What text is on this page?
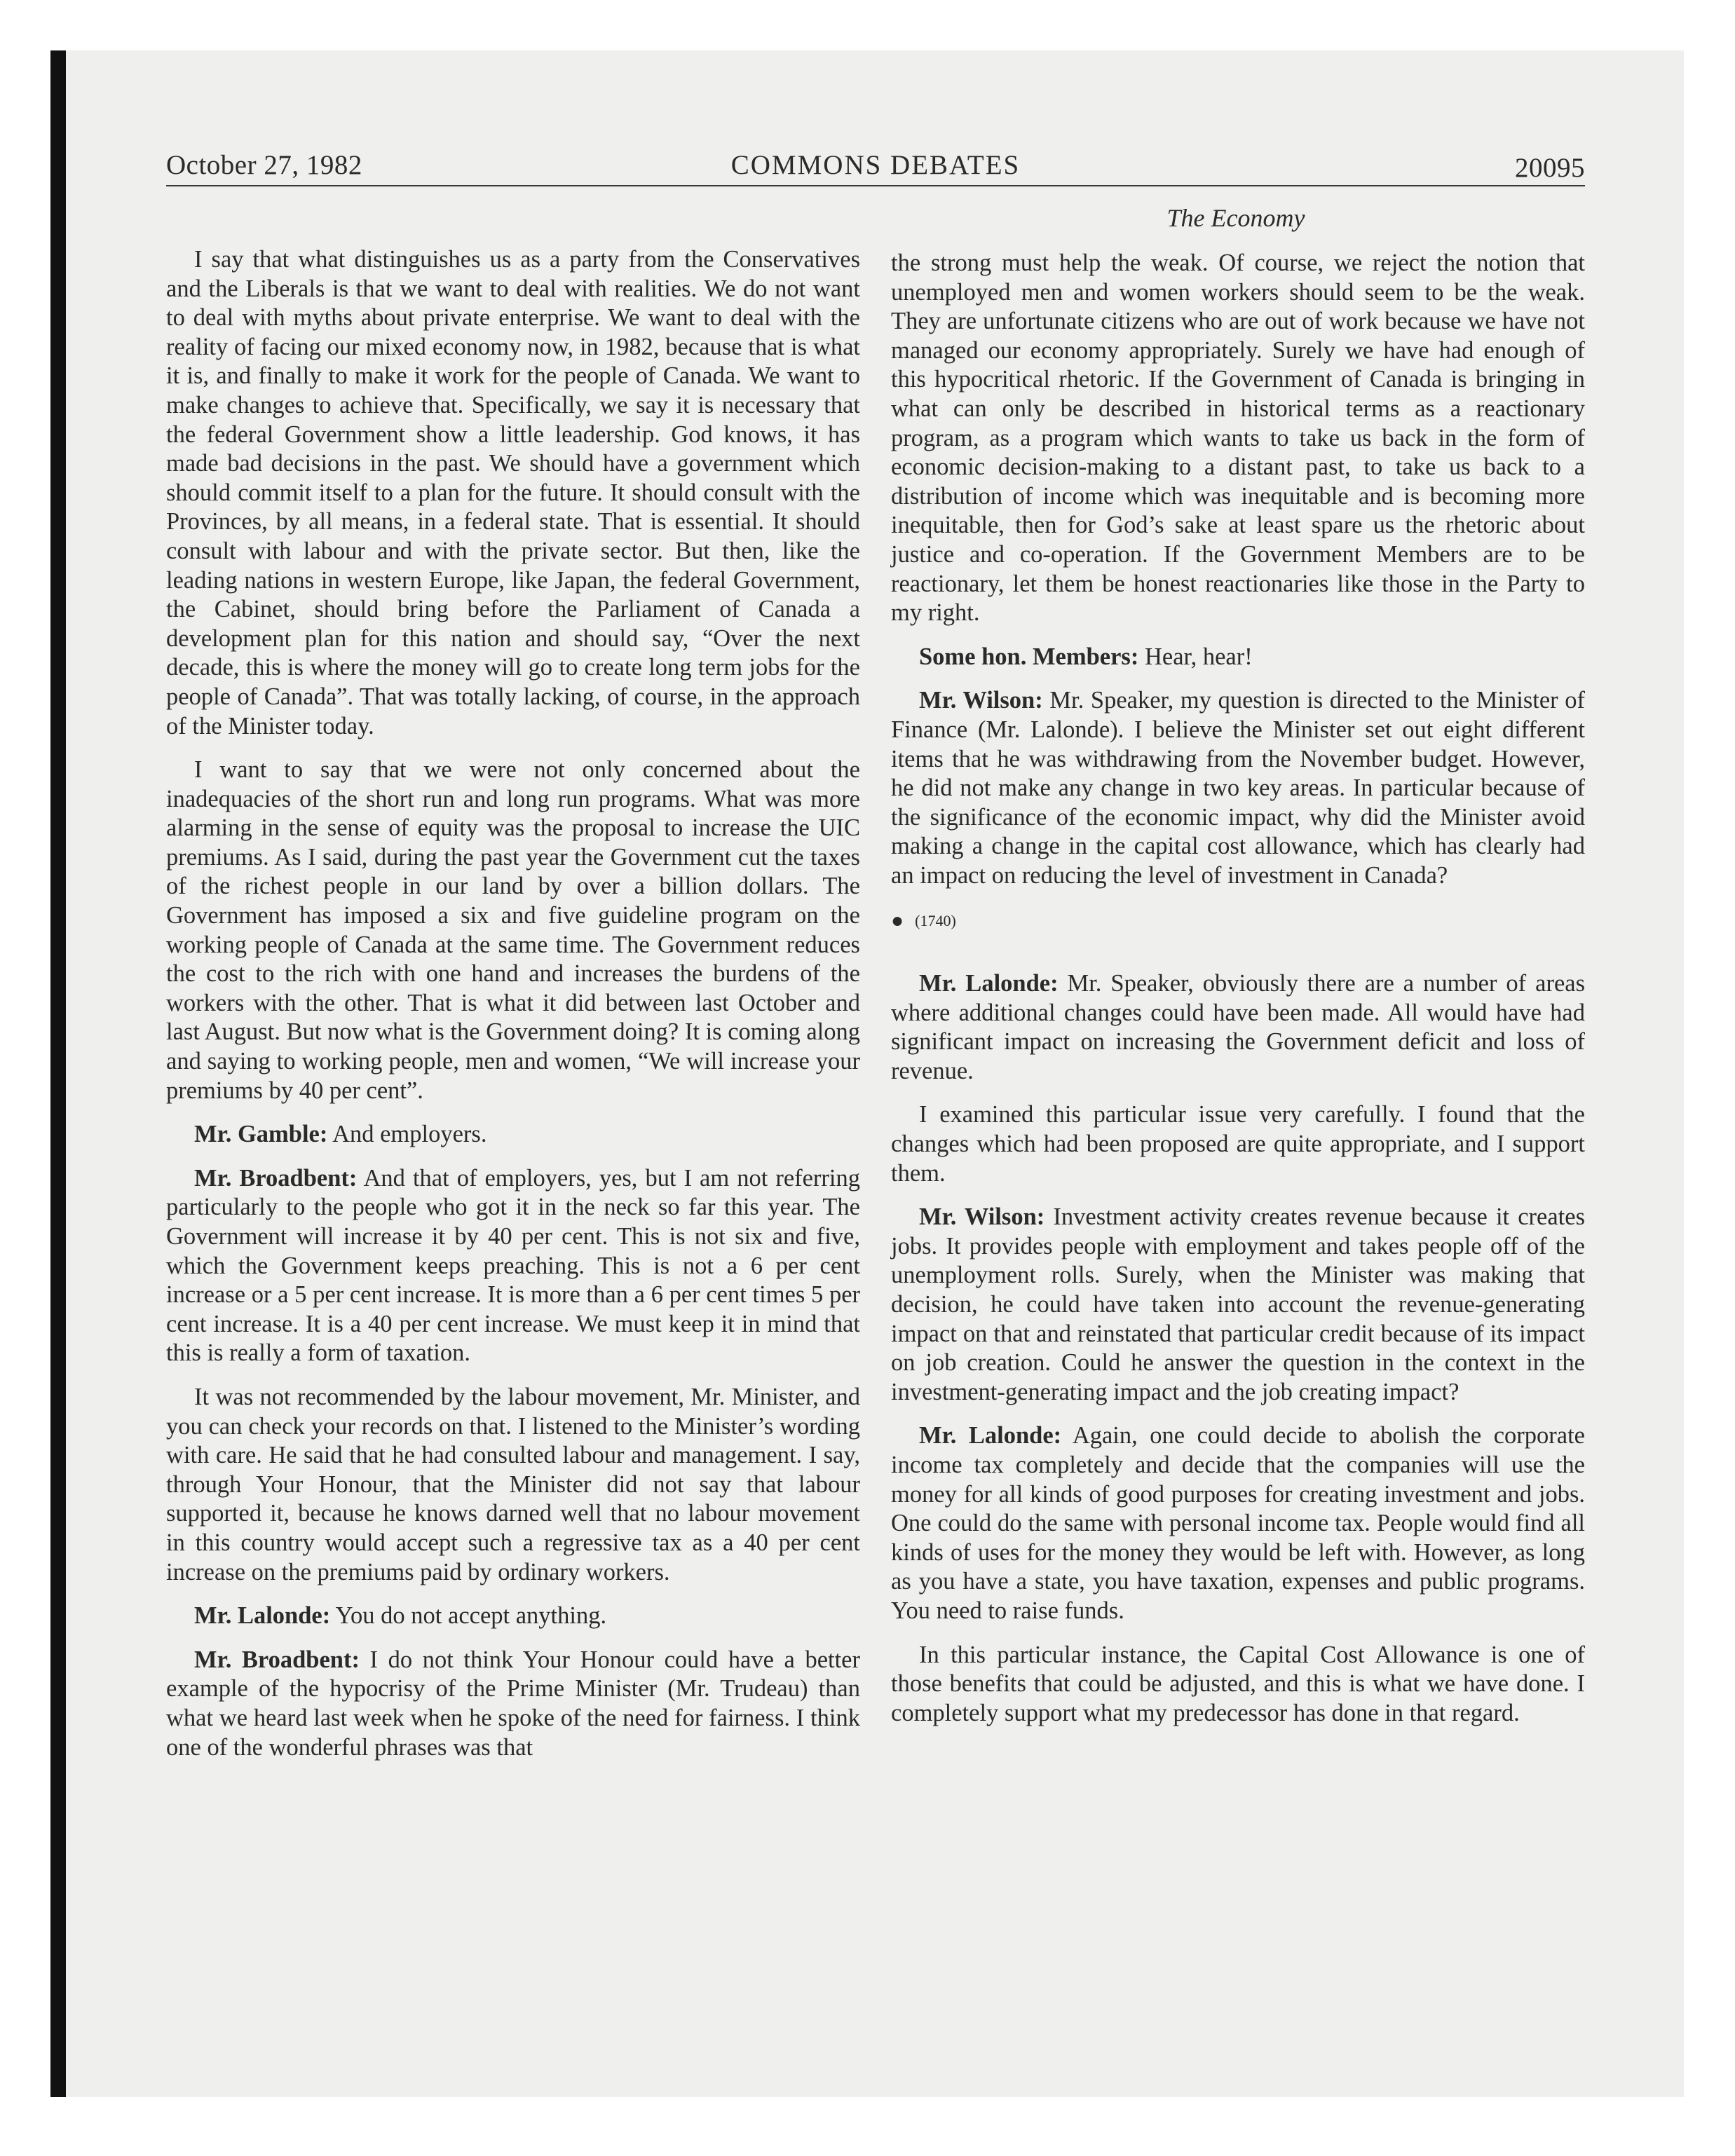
October 27, 1982	COMMONS DEBATES	20095
The Economy

I say that what distinguishes us as a party from the Conservatives and the Liberals is that we want to deal with realities. We do not want to deal with myths about private enterprise. We want to deal with the reality of facing our mixed economy now, in 1982, because that is what it is, and finally to make it work for the people of Canada. We want to make changes to achieve that. Specifically, we say it is necessary that the federal Government show a little leadership. God knows, it has made bad decisions in the past. We should have a government which should commit itself to a plan for the future. It should consult with the Provinces, by all means, in a federal state. That is essential. It should consult with labour and with the private sector. But then, like the leading nations in western Europe, like Japan, the federal Government, the Cabinet, should bring before the Parliament of Canada a development plan for this nation and should say, “Over the next decade, this is where the money will go to create long term jobs for the people of Canada”. That was totally lacking, of course, in the approach of the Minister today.

I want to say that we were not only concerned about the inadequacies of the short run and long run programs. What was more alarming in the sense of equity was the proposal to increase the UIC premiums. As I said, during the past year the Government cut the taxes of the richest people in our land by over a billion dollars. The Government has imposed a six and five guideline program on the working people of Canada at the same time. The Government reduces the cost to the rich with one hand and increases the burdens of the workers with the other. That is what it did between last October and last August. But now what is the Government doing? It is coming along and saying to working people, men and women, “We will increase your premiums by 40 per cent”.

Mr. Gamble: And employers.

Mr. Broadbent: And that of employers, yes, but I am not referring particularly to the people who got it in the neck so far this year. The Government will increase it by 40 per cent. This is not six and five, which the Government keeps preaching. This is not a 6 per cent increase or a 5 per cent increase. It is more than a 6 per cent times 5 per cent increase. It is a 40 per cent increase. We must keep it in mind that this is really a form of taxation.

It was not recommended by the labour movement, Mr. Minister, and you can check your records on that. I listened to the Minister’s wording with care. He said that he had consulted labour and management. I say, through Your Honour, that the Minister did not say that labour supported it, because he knows darned well that no labour movement in this country would accept such a regressive tax as a 40 per cent increase on the premiums paid by ordinary workers.

Mr. Lalonde: You do not accept anything.

Mr. Broadbent: I do not think Your Honour could have a better example of the hypocrisy of the Prime Minister (Mr. Trudeau) than what we heard last week when he spoke of the need for fairness. I think one of the wonderful phrases was that

the strong must help the weak. Of course, we reject the notion that unemployed men and women workers should seem to be the weak. They are unfortunate citizens who are out of work because we have not managed our economy appropriately. Surely we have had enough of this hypocritical rhetoric. If the Government of Canada is bringing in what can only be described in historical terms as a reactionary program, as a program which wants to take us back in the form of economic decision-making to a distant past, to take us back to a distribution of income which was inequitable and is becoming more inequitable, then for God’s sake at least spare us the rhetoric about justice and co-operation. If the Government Members are to be reactionary, let them be honest reactionaries like those in the Party to my right.

Some hon. Members: Hear, hear!

Mr. Wilson: Mr. Speaker, my question is directed to the Minister of Finance (Mr. Lalonde). I believe the Minister set out eight different items that he was withdrawing from the November budget. However, he did not make any change in two key areas. In particular because of the significance of the economic impact, why did the Minister avoid making a change in the capital cost allowance, which has clearly had an impact on reducing the level of investment in Canada?

● (1740)

Mr. Lalonde: Mr. Speaker, obviously there are a number of areas where additional changes could have been made. All would have had significant impact on increasing the Government deficit and loss of revenue.

I examined this particular issue very carefully. I found that the changes which had been proposed are quite appropriate, and I support them.

Mr. Wilson: Investment activity creates revenue because it creates jobs. It provides people with employment and takes people off of the unemployment rolls. Surely, when the Minister was making that decision, he could have taken into account the revenue-generating impact on that and reinstated that particular credit because of its impact on job creation. Could he answer the question in the context in the investment-generating impact and the job creating impact?

Mr. Lalonde: Again, one could decide to abolish the corporate income tax completely and decide that the companies will use the money for all kinds of good purposes for creating investment and jobs. One could do the same with personal income tax. People would find all kinds of uses for the money they would be left with. However, as long as you have a state, you have taxation, expenses and public programs. You need to raise funds.

In this particular instance, the Capital Cost Allowance is one of those benefits that could be adjusted, and this is what we have done. I completely support what my predecessor has done in that regard.
